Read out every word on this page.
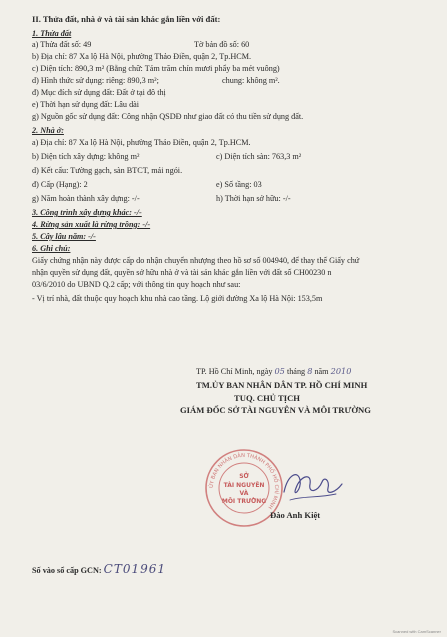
II. Thửa đất, nhà ở và tài sản khác gắn liền với đất:
1. Thửa đất
a) Thửa đất số: 49	Tờ bản đồ số: 60
b) Địa chỉ: 87 Xa lộ Hà Nội, phường Thảo Điền, quận 2, Tp.HCM.
c) Diện tích: 890,3 m² (Bằng chữ: Tám trăm chín mươi phẩy ba mét vuông)
d) Hình thức sử dụng: riêng: 890,3 m²;	chung: không m².
đ) Mục đích sử dụng đất: Đất ở tại đô thị
e) Thời hạn sử dụng đất: Lâu dài
g) Nguồn gốc sử dụng đất: Công nhận QSDĐ như giao đất có thu tiền sử dụng đất.
2. Nhà ở:
a) Địa chỉ: 87 Xa lộ Hà Nội, phường Thảo Điền, quận 2, Tp.HCM.
b) Diện tích xây dựng: không m²	c) Diện tích sàn: 763,3 m²
d) Kết cấu: Tường gạch, sàn BTCT, mái ngói.
đ) Cấp (Hạng): 2	e) Số tầng: 03
g) Năm hoàn thành xây dựng: -/-	h) Thời hạn sở hữu: -/-
3. Công trình xây dựng khác: -/-
4. Rừng sản xuất là rừng trồng: -/-
5. Cây lâu năm: -/-
6. Ghi chú:
Giấy chứng nhận này được cấp do nhận chuyển nhượng theo hồ sơ số 004940, để thay thế Giấy chứ
nhận quyền sử dụng đất, quyền sở hữu nhà ở và tài sản khác gắn liền với đất số CH00230 n
03/6/2010 do UBND Q.2 cấp; với thông tin quy hoạch như sau:
- Vị trí nhà, đất thuộc quy hoạch khu nhà cao tầng. Lộ giới đường Xa lộ Hà Nội: 153,5m
TP. Hồ Chí Minh, ngày 05 tháng 8 năm 2010
TM.ỦY BAN NHÂN DÂN TP. HỒ CHÍ MINH
TUQ. CHỦ TỊCH
GIÁM ĐỐC SỞ TÀI NGUYÊN VÀ MÔI TRƯỜNG
ỦY BAN NHÂN DÂN THÀNH PHỐ HỒ CHÍ MINH
SỞ
TÀI NGUYÊN
VÀ
MÔI TRƯỜNG
Đào Anh Kiệt
Số vào sổ cấp GCN: CT01961
Scanned with CamScanner
